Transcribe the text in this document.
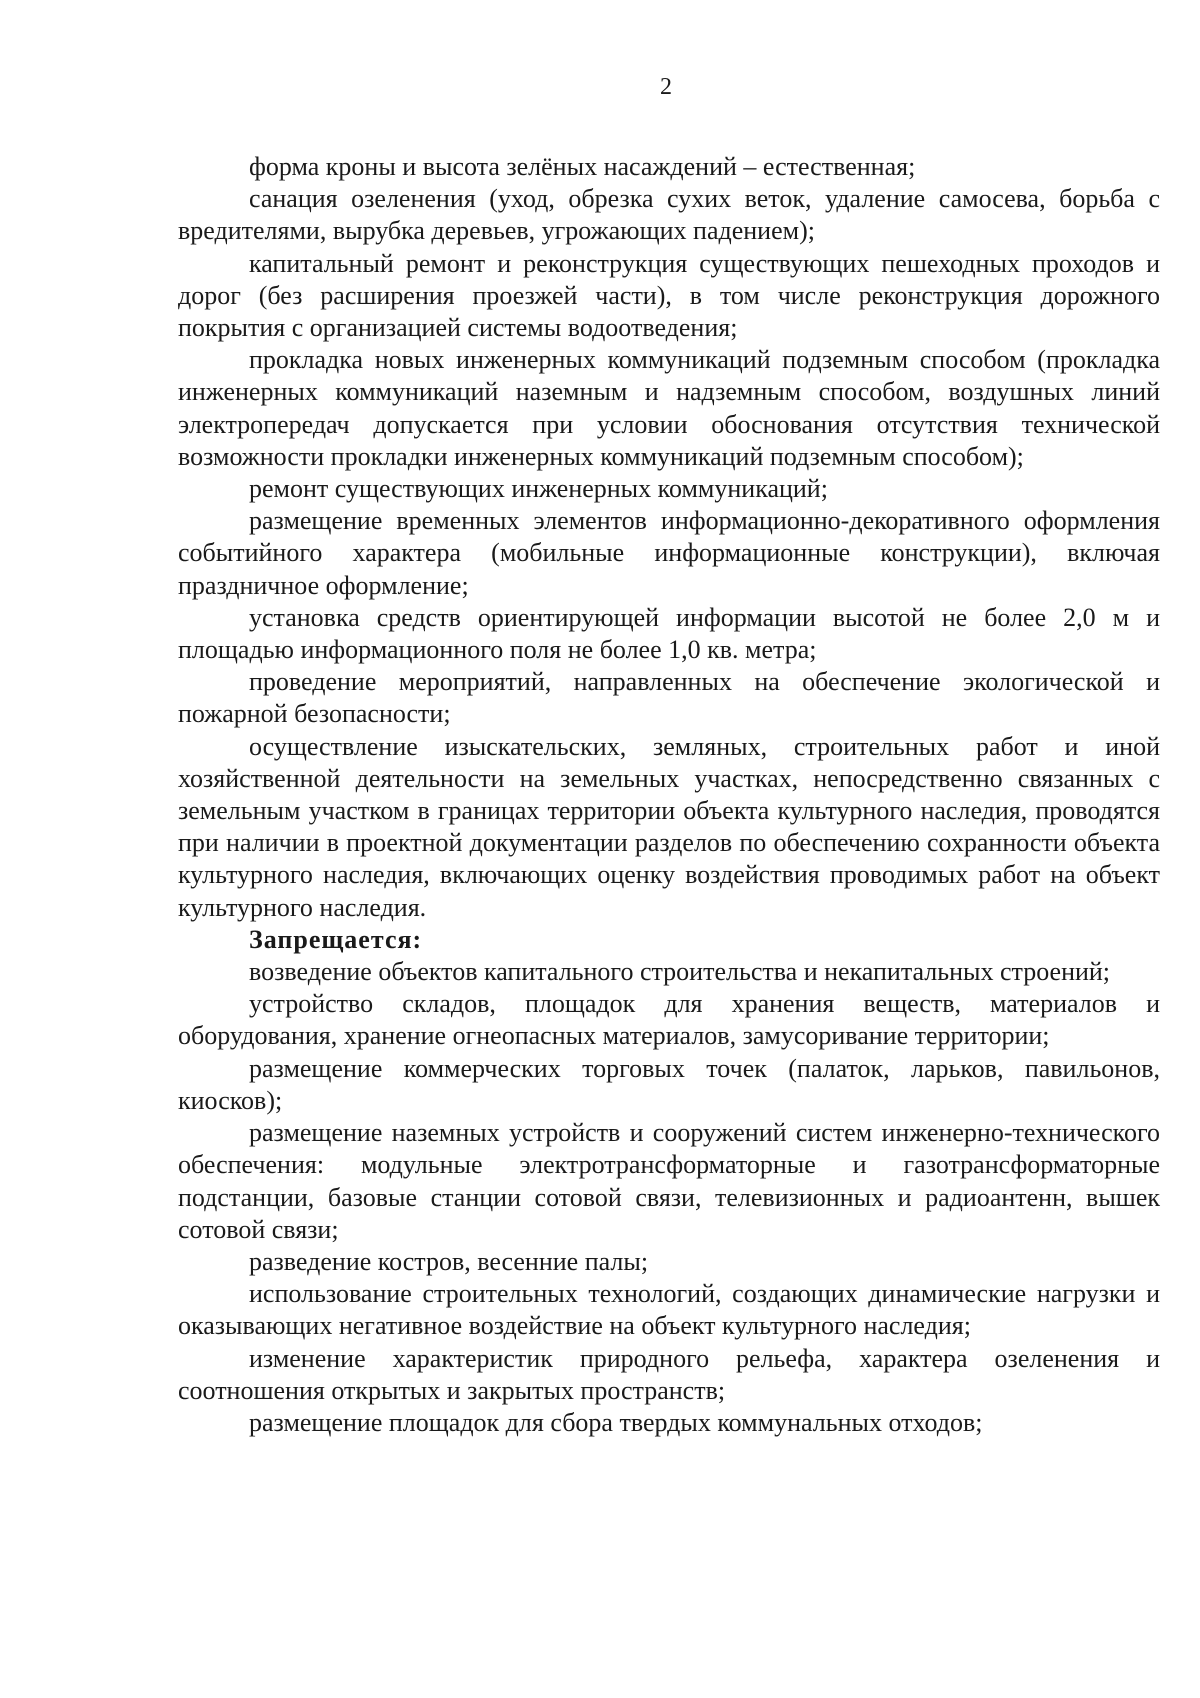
2

форма кроны и высота зелёных насаждений – естественная;

санация озеленения (уход, обрезка сухих веток, удаление самосева, борьба с вредителями, вырубка деревьев, угрожающих падением);

капитальный ремонт и реконструкция существующих пешеходных проходов и дорог (без расширения проезжей части), в том числе реконструкция дорожного покрытия с организацией системы водоотведения;

прокладка новых инженерных коммуникаций подземным способом (прокладка инженерных коммуникаций наземным и надземным способом, воздушных линий электропередач допускается при условии обоснования отсутствия технической возможности прокладки инженерных коммуникаций подземным способом);

ремонт существующих инженерных коммуникаций;

размещение временных элементов информационно-декоративного оформления событийного характера (мобильные информационные конструкции), включая праздничное оформление;

установка средств ориентирующей информации высотой не более 2,0 м и площадью информационного поля не более 1,0 кв. метра;

проведение мероприятий, направленных на обеспечение экологической и пожарной безопасности;

осуществление изыскательских, земляных, строительных работ и иной хозяйственной деятельности на земельных участках, непосредственно связанных с земельным участком в границах территории объекта культурного наследия, проводятся при наличии в проектной документации разделов по обеспечению сохранности объекта культурного наследия, включающих оценку воздействия проводимых работ на объект культурного наследия.

Запрещается:

возведение объектов капитального строительства и некапитальных строений;

устройство складов, площадок для хранения веществ, материалов и оборудования, хранение огнеопасных материалов, замусоривание территории;

размещение коммерческих торговых точек (палаток, ларьков, павильонов, киосков);

размещение наземных устройств и сооружений систем инженерно-технического обеспечения: модульные электротрансформаторные и газотрансформаторные подстанции, базовые станции сотовой связи, телевизионных и радиоантенн, вышек сотовой связи;

разведение костров, весенние палы;

использование строительных технологий, создающих динамические нагрузки и оказывающих негативное воздействие на объект культурного наследия;

изменение характеристик природного рельефа, характера озеленения и соотношения открытых и закрытых пространств;

размещение площадок для сбора твердых коммунальных отходов;
